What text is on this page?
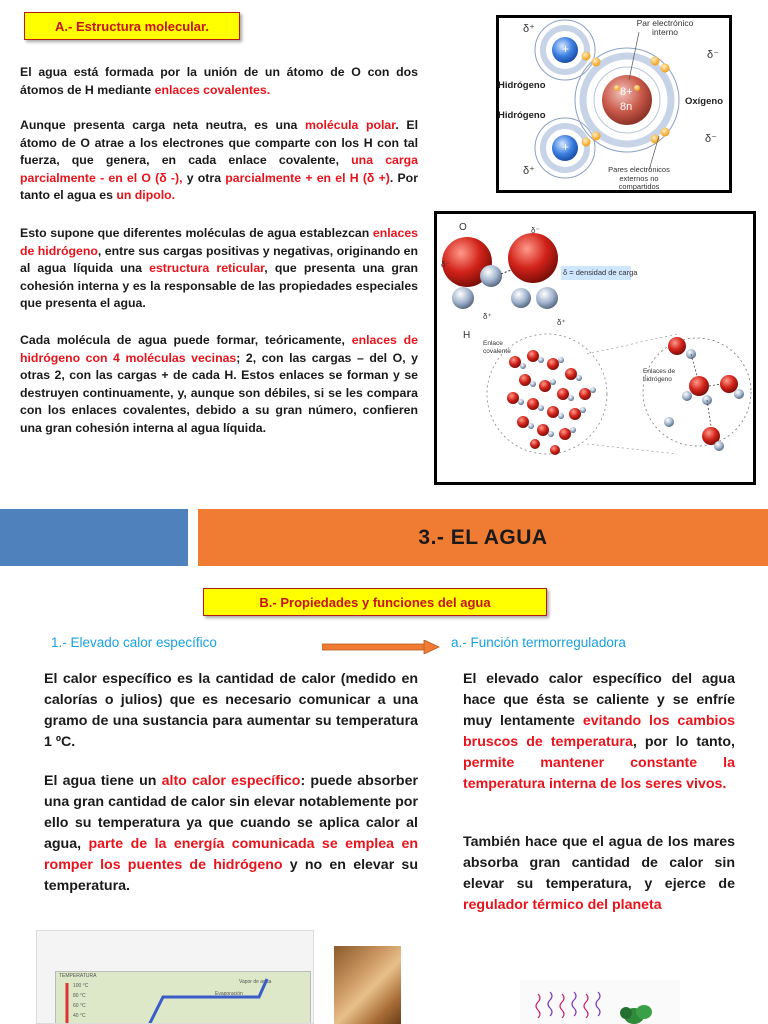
A.- Estructura molecular.
El agua está formada por la unión de un átomo de O con dos átomos de H mediante enlaces covalentes.
Aunque presenta carga neta neutra, es una molécula polar. El átomo de O atrae a los electrones que comparte con los H con tal fuerza, que genera, en cada enlace covalente, una carga parcialmente - en el O (δ -), y otra parcialmente + en el H (δ +). Por tanto el agua es un dipolo.
Esto supone que diferentes moléculas de agua establezcan enlaces de hidrógeno, entre sus cargas positivas y negativas, originando en al agua líquida una estructura reticular, que presenta una gran cohesión interna y es la responsable de las propiedades especiales que presenta el agua.
Cada molécula de agua puede formar, teóricamente, enlaces de hidrógeno con 4 moléculas vecinas; 2, con las cargas – del O, y otras 2, con las cargas + de cada H. Estos enlaces se forman y se destruyen continuamente, y, aunque son débiles, si se les compara con los enlaces covalentes, debido a su gran número, confieren una gran cohesión interna al agua líquida.
δ⁺
δ⁺
δ⁻
δ⁻
Par electrónico interno
Hidrógeno
Hidrógeno
Oxígeno
8+
8n
+
+
Pares electrónicos externos no compartidos
O
H
δ = densidad de carga
Enlace covalente
Enlaces de hidrógeno
δ⁻
δ⁺
δ⁺
δ⁻
3.- EL AGUA
B.- Propiedades y funciones del agua
1.- Elevado calor específico	a.- Función termorreguladora
El calor específico es la cantidad de calor (medido en calorías o julios) que es necesario comunicar a una gramo de una sustancia para aumentar su temperatura 1 ºC.
El agua tiene un alto calor específico: puede absorber una gran cantidad de calor sin elevar notablemente por ello su temperatura ya que cuando se aplica calor al agua, parte de la energía comunicada se emplea en romper los puentes de hidrógeno y no en elevar su temperatura.
El elevado calor específico del agua hace que ésta se caliente y se enfríe muy lentamente evitando los cambios bruscos de temperatura, por lo tanto, permite mantener constante la temperatura interna de los seres vivos.
También hace que el agua de los mares absorba gran cantidad de calor sin elevar su temperatura, y ejerce de regulador térmico del planeta
TEMPERATURA
100 °C
80 °C
60 °C
40 °C
Vapor de agua
Evaporación
